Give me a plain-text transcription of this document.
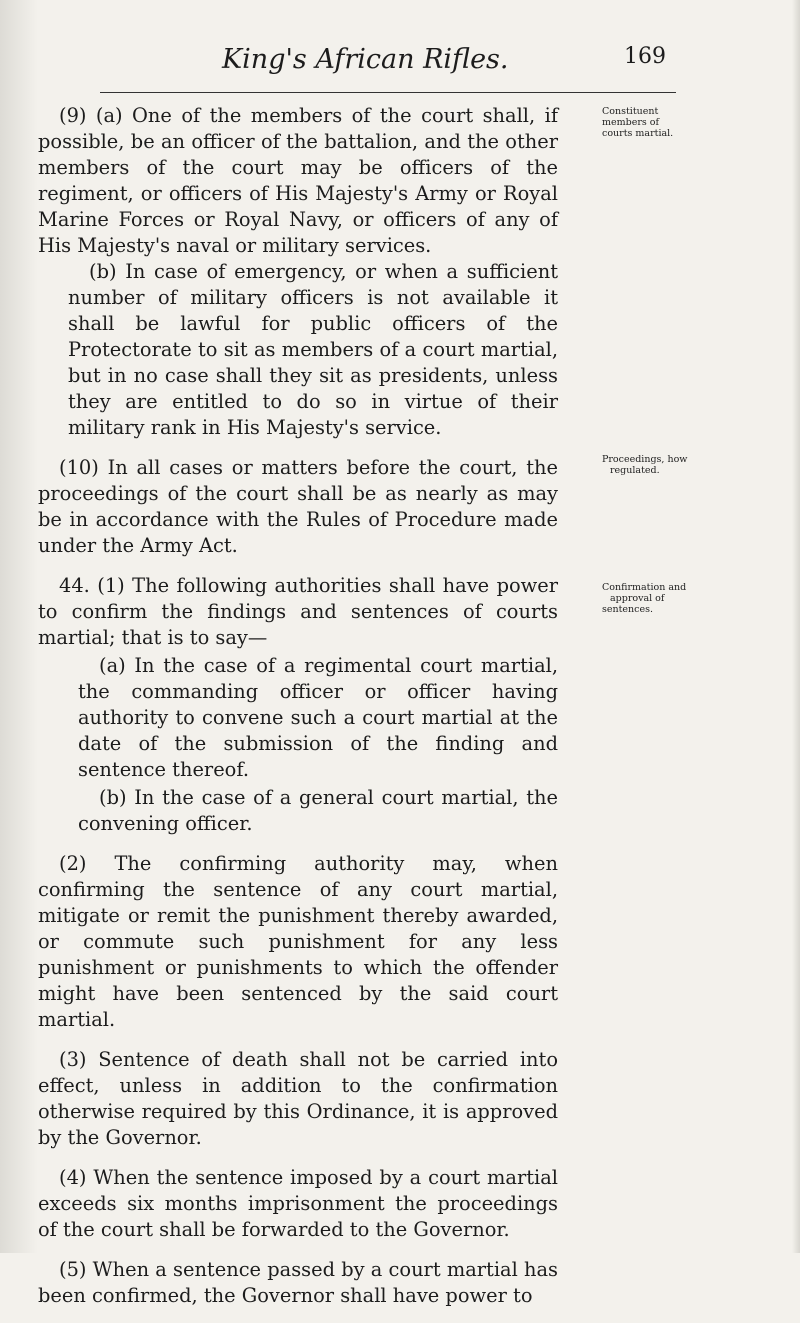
King's African Rifles.	169
Constituent
members of
courts martial.
Proceedings, how
regulated.
Confirmation and
approval of
sentences.

(9) (a) One of the members of the court shall, if possible, be an officer of the battalion, and the other members of the court may be officers of the regiment, or officers of His Majesty's Army or Royal Marine Forces or Royal Navy, or officers of any of His Majesty's naval or military services.

(b) In case of emergency, or when a sufficient number of military officers is not available it shall be lawful for public officers of the Protectorate to sit as members of a court martial, but in no case shall they sit as presidents, unless they are entitled to do so in virtue of their military rank in His Majesty's service.

(10) In all cases or matters before the court, the proceedings of the court shall be as nearly as may be in accordance with the Rules of Procedure made under the Army Act.

44. (1) The following authorities shall have power to confirm the findings and sentences of courts martial; that is to say—

(a) In the case of a regimental court martial, the commanding officer or officer having authority to convene such a court martial at the date of the submission of the finding and sentence thereof.

(b) In the case of a general court martial, the convening officer.

(2) The confirming authority may, when confirming the sentence of any court martial, mitigate or remit the punishment thereby awarded, or commute such punishment for any less punishment or punishments to which the offender might have been sentenced by the said court martial.

(3) Sentence of death shall not be carried into effect, unless in addition to the confirmation otherwise required by this Ordinance, it is approved by the Governor.

(4) When the sentence imposed by a court martial exceeds six months imprisonment the proceedings of the court shall be forwarded to the Governor.

(5) When a sentence passed by a court martial has been confirmed, the Governor shall have power to
